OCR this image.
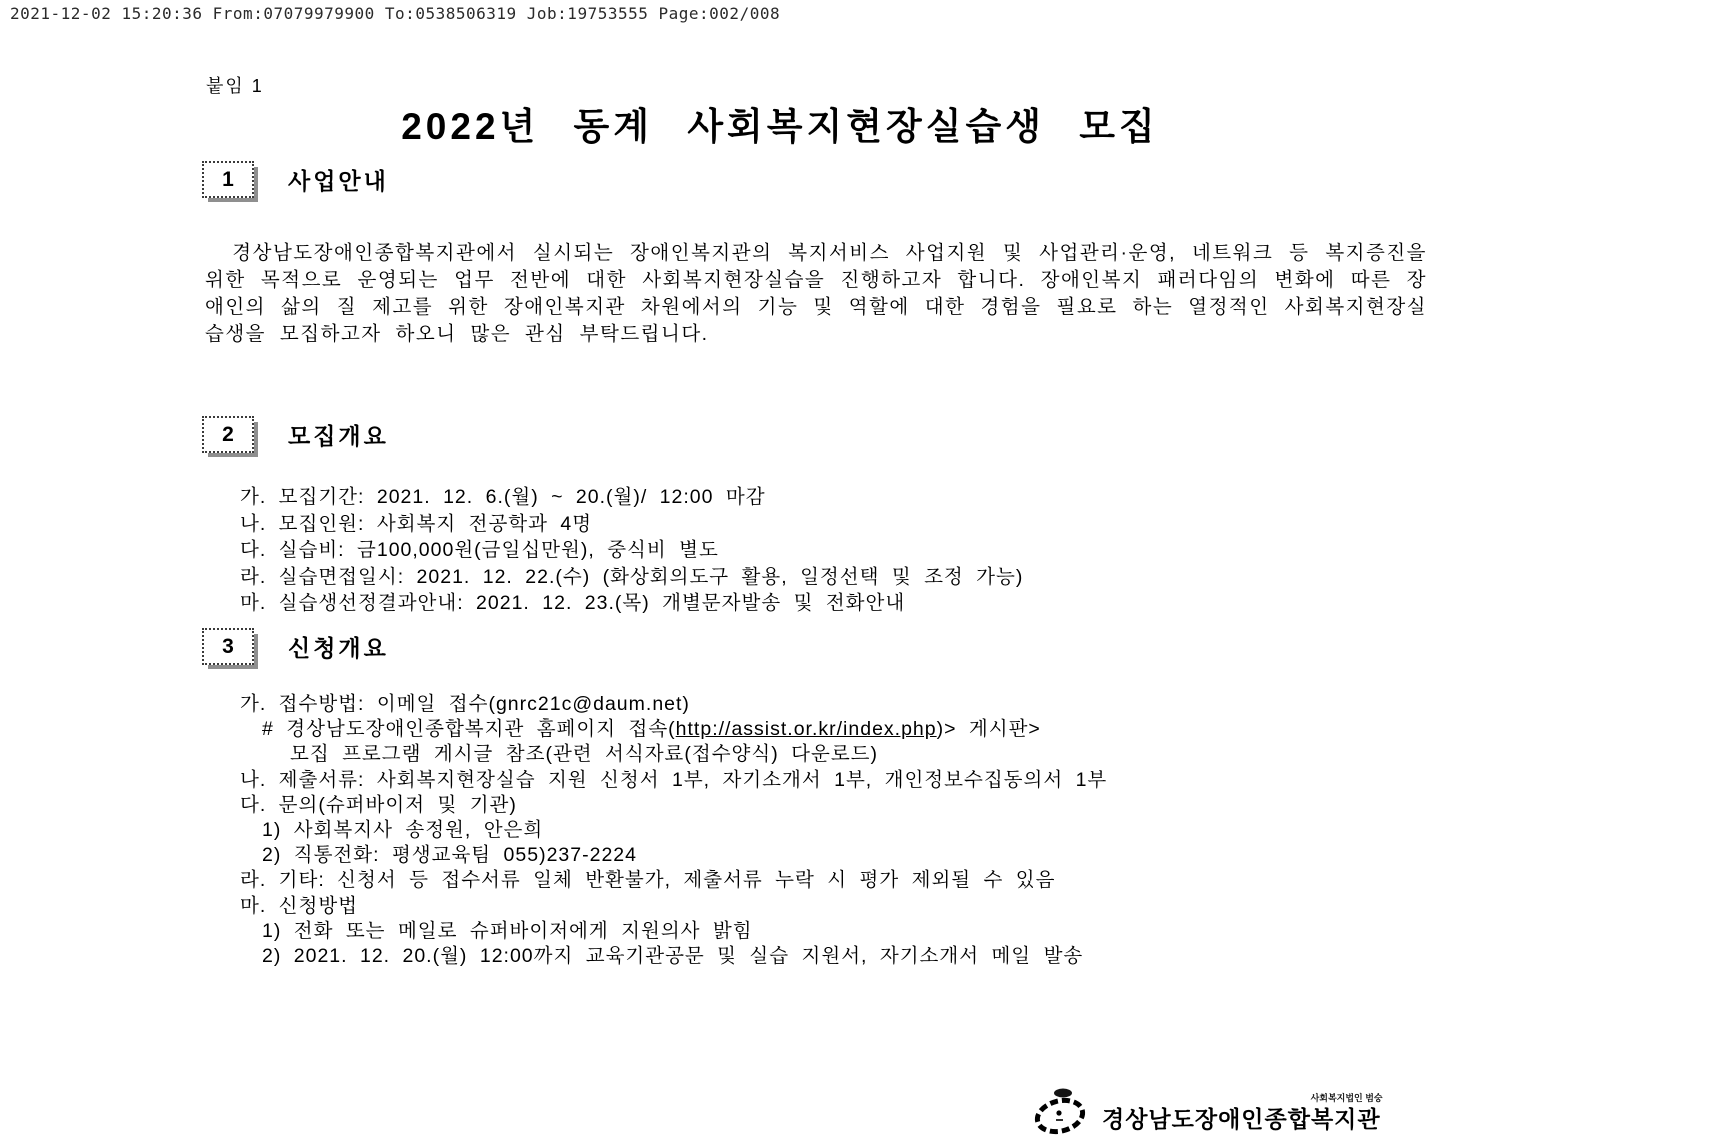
2021-12-02 15:20:36 From:07079979900 To:0538506319 Job:19753555 Page:002/008
붙임 1
2022년 동계 사회복지현장실습생 모집
1 사업안내
경상남도장애인종합복지관에서 실시되는 장애인복지관의 복지서비스 사업지원 및 사업관리·운영, 네트워크 등 복지증진을 위한 목적으로 운영되는 업무 전반에 대한 사회복지현장실습을 진행하고자 합니다. 장애인복지 패러다임의 변화에 따른 장애인의 삶의 질 제고를 위한 장애인복지관 차원에서의 기능 및 역할에 대한 경험을 필요로 하는 열정적인 사회복지현장실습생을 모집하고자 하오니 많은 관심 부탁드립니다.
2 모집개요
가. 모집기간: 2021. 12. 6.(월) ~ 20.(월)/ 12:00 마감
나. 모집인원: 사회복지 전공학과 4명
다. 실습비: 금100,000원(금일십만원), 중식비 별도
라. 실습면접일시: 2021. 12. 22.(수) (화상회의도구 활용, 일정선택 및 조정 가능)
마. 실습생선정결과안내: 2021. 12. 23.(목) 개별문자발송 및 전화안내
3 신청개요
가. 접수방법: 이메일 접수(gnrc21c@daum.net)
# 경상남도장애인종합복지관 홈페이지 접속(http://assist.or.kr/index.php)> 게시판>
모집 프로그램 게시글 참조(관련 서식자료(접수양식) 다운로드)
나. 제출서류: 사회복지현장실습 지원 신청서 1부, 자기소개서 1부, 개인정보수집동의서 1부
다. 문의(슈퍼바이저 및 기관)
1) 사회복지사 송정원, 안은희
2) 직통전화: 평생교육팀 055)237-2224
라. 기타: 신청서 등 접수서류 일체 반환불가, 제출서류 누락 시 평가 제외될 수 있음
마. 신청방법
1) 전화 또는 메일로 슈퍼바이저에게 지원의사 밝힘
2) 2021. 12. 20.(월) 12:00까지 교육기관공문 및 실습 지원서, 자기소개서 메일 발송
사회복지법인 범숭
경상남도장애인종합복지관
